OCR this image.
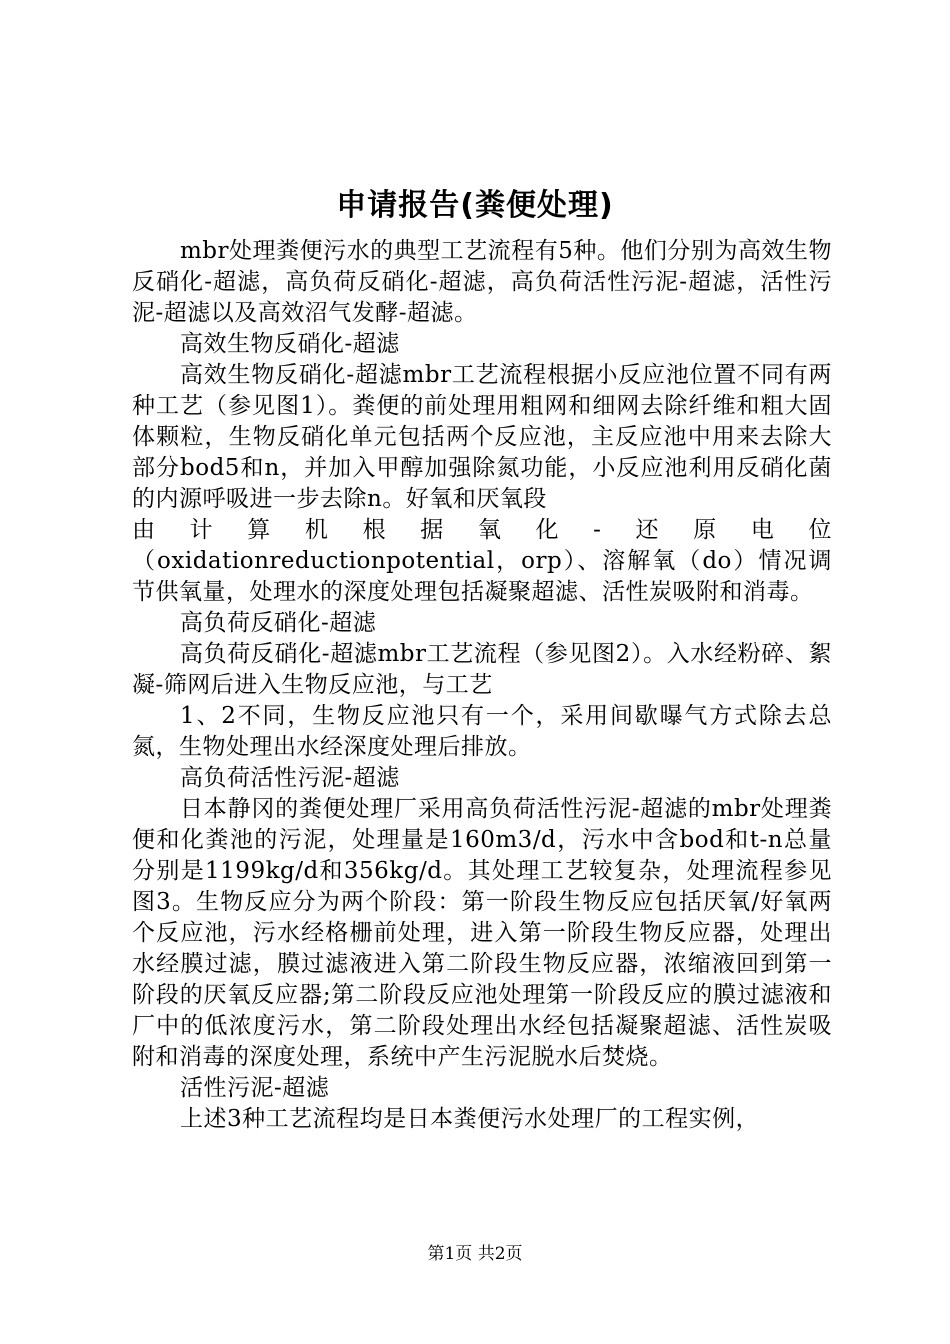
申请报告(粪便处理)

mbr处理粪便污水的典型工艺流程有5种。他们分别为高效生物反硝化-超滤，高负荷反硝化-超滤，高负荷活性污泥-超滤，活性污泥-超滤以及高效沼气发酵-超滤。

高效生物反硝化-超滤

高效生物反硝化-超滤mbr工艺流程根据小反应池位置不同有两种工艺（参见图1）。粪便的前处理用粗网和细网去除纤维和粗大固体颗粒，生物反硝化单元包括两个反应池，主反应池中用来去除大部分bod5和n，并加入甲醇加强除氮功能，小反应池利用反硝化菌的内源呼吸进一步去除n。好氧和厌氧段

由计算机根据氧化-还原电位

（oxidationreductionpotential，orp）、溶解氧（do）情况调节供氧量，处理水的深度处理包括凝聚超滤、活性炭吸附和消毒。

高负荷反硝化-超滤

高负荷反硝化-超滤mbr工艺流程（参见图2）。入水经粉碎、絮凝-筛网后进入生物反应池，与工艺

1、2不同，生物反应池只有一个，采用间歇曝气方式除去总氮，生物处理出水经深度处理后排放。

高负荷活性污泥-超滤

日本静冈的粪便处理厂采用高负荷活性污泥-超滤的mbr处理粪便和化粪池的污泥，处理量是160m3/d，污水中含bod和t-n总量分别是1199kg/d和356kg/d。其处理工艺较复杂，处理流程参见图3。生物反应分为两个阶段：第一阶段生物反应包括厌氧/好氧两个反应池，污水经格栅前处理，进入第一阶段生物反应器，处理出水经膜过滤，膜过滤液进入第二阶段生物反应器，浓缩液回到第一阶段的厌氧反应器;第二阶段反应池处理第一阶段反应的膜过滤液和厂中的低浓度污水，第二阶段处理出水经包括凝聚超滤、活性炭吸附和消毒的深度处理，系统中产生污泥脱水后焚烧。

活性污泥-超滤

上述3种工艺流程均是日本粪便污水处理厂的工程实例，

第1页 共2页
